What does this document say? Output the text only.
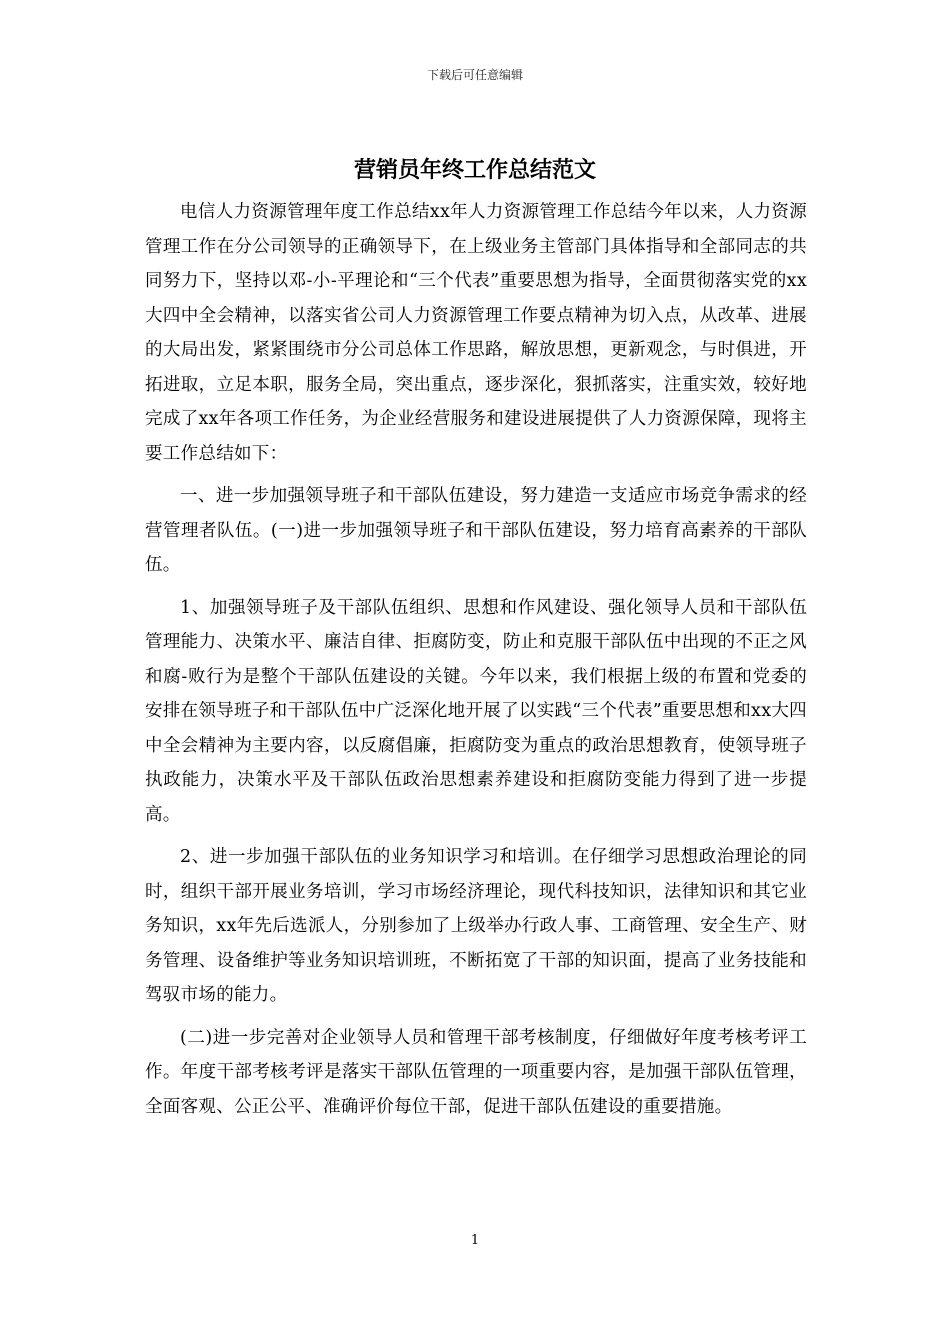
下载后可任意编辑
营销员年终工作总结范文

电信人力资源管理年度工作总结xx年人力资源管理工作总结今年以来，人力资源管理工作在分公司领导的正确领导下，在上级业务主管部门具体指导和全部同志的共同努力下，坚持以邓-小-平理论和“三个代表”重要思想为指导，全面贯彻落实党的xx大四中全会精神，以落实省公司人力资源管理工作要点精神为切入点，从改革、进展的大局出发，紧紧围绕市分公司总体工作思路，解放思想，更新观念，与时俱进，开拓进取，立足本职，服务全局，突出重点，逐步深化，狠抓落实，注重实效，较好地完成了xx年各项工作任务，为企业经营服务和建设进展提供了人力资源保障，现将主要工作总结如下：

一、进一步加强领导班子和干部队伍建设，努力建造一支适应市场竞争需求的经营管理者队伍。(一)进一步加强领导班子和干部队伍建设，努力培育高素养的干部队伍。

1、加强领导班子及干部队伍组织、思想和作风建设、强化领导人员和干部队伍管理能力、决策水平、廉洁自律、拒腐防变，防止和克服干部队伍中出现的不正之风和腐-败行为是整个干部队伍建设的关键。今年以来，我们根据上级的布置和党委的安排在领导班子和干部队伍中广泛深化地开展了以实践“三个代表”重要思想和xx大四中全会精神为主要内容，以反腐倡廉，拒腐防变为重点的政治思想教育，使领导班子执政能力，决策水平及干部队伍政治思想素养建设和拒腐防变能力得到了进一步提高。

2、进一步加强干部队伍的业务知识学习和培训。在仔细学习思想政治理论的同时，组织干部开展业务培训，学习市场经济理论，现代科技知识，法律知识和其它业务知识，xx年先后选派人，分别参加了上级举办行政人事、工商管理、安全生产、财务管理、设备维护等业务知识培训班，不断拓宽了干部的知识面，提高了业务技能和驾驭市场的能力。

(二)进一步完善对企业领导人员和管理干部考核制度，仔细做好年度考核考评工作。年度干部考核考评是落实干部队伍管理的一项重要内容，是加强干部队伍管理，全面客观、公正公平、准确评价每位干部，促进干部队伍建设的重要措施。

1
